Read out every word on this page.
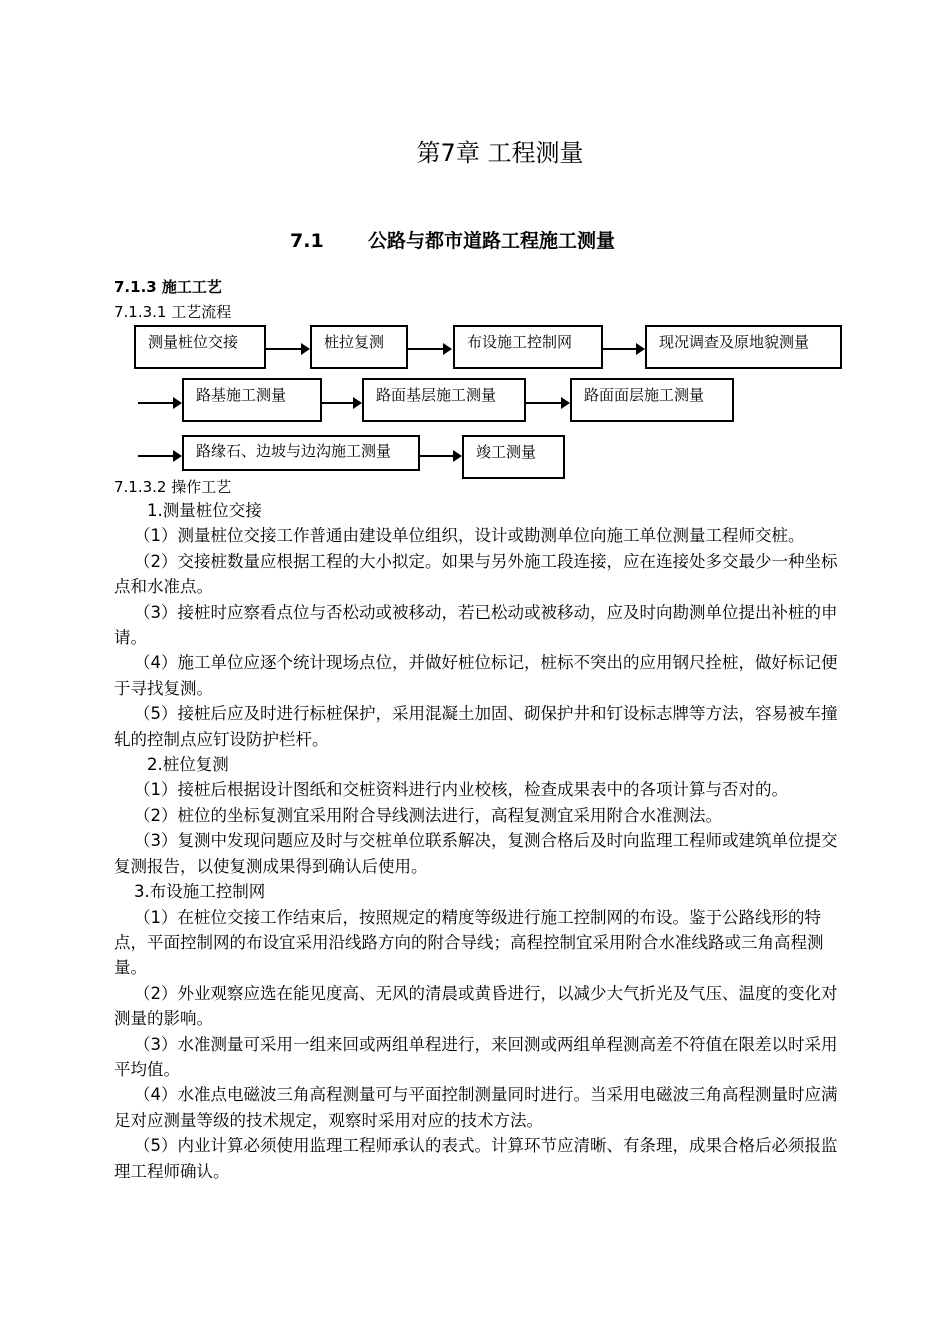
第7章 工程测量
7.1 公路与都市道路工程施工测量
7.1.3 施工工艺
7.1.3.1 工艺流程
测量桩位交接	桩拉复测	布设施工控制网	现况调查及原地貌测量
路基施工测量	路面基层施工测量	路面面层施工测量
路缘石、边坡与边沟施工测量	竣工测量
7.1.3.2 操作工艺

1.测量桩位交接

（1）测量桩位交接工作普通由建设单位组织，设计或勘测单位向施工单位测量工程师交桩。

（2）交接桩数量应根据工程的大小拟定。如果与另外施工段连接，应在连接处多交最少一种坐标点和水准点。

（3）接桩时应察看点位与否松动或被移动，若已松动或被移动，应及时向勘测单位提出补桩的申请。

（4）施工单位应逐个统计现场点位，并做好桩位标记，桩标不突出的应用钢尺拴桩，做好标记便于寻找复测。

（5）接桩后应及时进行标桩保护，采用混凝土加固、砌保护井和钉设标志牌等方法，容易被车撞轧的控制点应钉设防护栏杆。

2.桩位复测

（1）接桩后根据设计图纸和交桩资料进行内业校核，检查成果表中的各项计算与否对的。

（2）桩位的坐标复测宜采用附合导线测法进行，高程复测宜采用附合水准测法。

（3）复测中发现问题应及时与交桩单位联系解决，复测合格后及时向监理工程师或建筑单位提交复测报告，以使复测成果得到确认后使用。

3.布设施工控制网

（1）在桩位交接工作结束后，按照规定的精度等级进行施工控制网的布设。鉴于公路线形的特点，平面控制网的布设宜采用沿线路方向的附合导线；高程控制宜采用附合水准线路或三角高程测量。

（2）外业观察应选在能见度高、无风的清晨或黄昏进行，以减少大气折光及气压、温度的变化对测量的影响。

（3）水准测量可采用一组来回或两组单程进行，来回测或两组单程测高差不符值在限差以时采用平均值。

（4）水准点电磁波三角高程测量可与平面控制测量同时进行。当采用电磁波三角高程测量时应满足对应测量等级的技术规定，观察时采用对应的技术方法。

（5）内业计算必须使用监理工程师承认的表式。计算环节应清晰、有条理，成果合格后必须报监理工程师确认。
